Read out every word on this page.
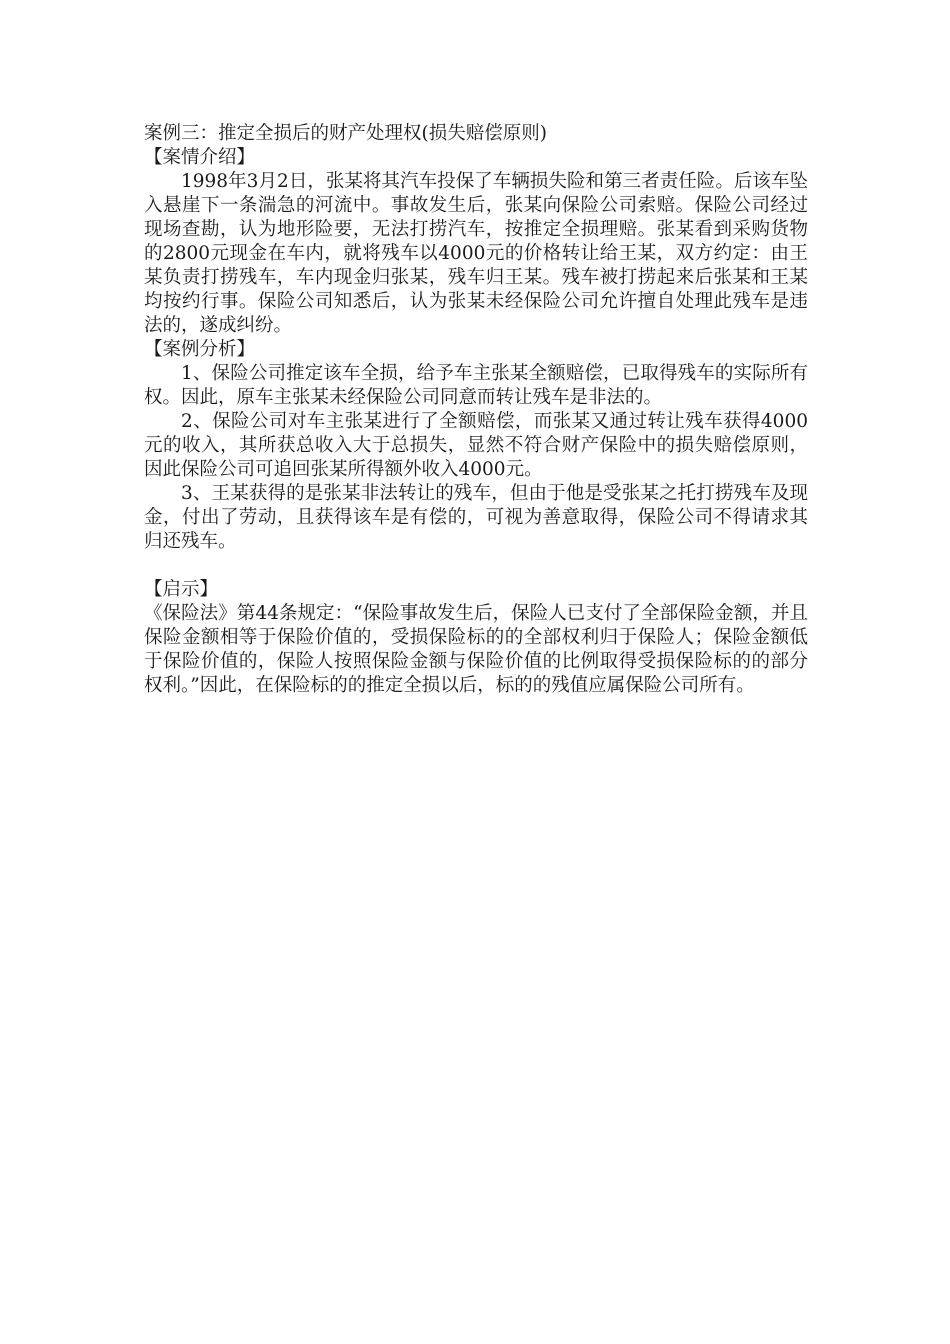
案例三：推定全损后的财产处理权(损失赔偿原则)
【案情介绍】

1998年3月2日，张某将其汽车投保了车辆损失险和第三者责任险。后该车坠入悬崖下一条湍急的河流中。事故发生后，张某向保险公司索赔。保险公司经过现场查勘，认为地形险要，无法打捞汽车，按推定全损理赔。张某看到采购货物的2800元现金在车内，就将残车以4000元的价格转让给王某，双方约定：由王某负责打捞残车，车内现金归张某，残车归王某。残车被打捞起来后张某和王某均按约行事。保险公司知悉后，认为张某未经保险公司允许擅自处理此残车是违法的，遂成纠纷。

【案例分析】

1、保险公司推定该车全损，给予车主张某全额赔偿，已取得残车的实际所有权。因此，原车主张某未经保险公司同意而转让残车是非法的。

2、保险公司对车主张某进行了全额赔偿，而张某又通过转让残车获得4000元的收入，其所获总收入大于总损失，显然不符合财产保险中的损失赔偿原则，因此保险公司可追回张某所得额外收入4000元。

3、王某获得的是张某非法转让的残车，但由于他是受张某之托打捞残车及现金，付出了劳动，且获得该车是有偿的，可视为善意取得，保险公司不得请求其归还残车。

【启示】

《保险法》第44条规定：“保险事故发生后，保险人已支付了全部保险金额，并且保险金额相等于保险价值的，受损保险标的的全部权利归于保险人；保险金额低于保险价值的，保险人按照保险金额与保险价值的比例取得受损保险标的的部分权利。”因此，在保险标的的推定全损以后，标的的残值应属保险公司所有。
